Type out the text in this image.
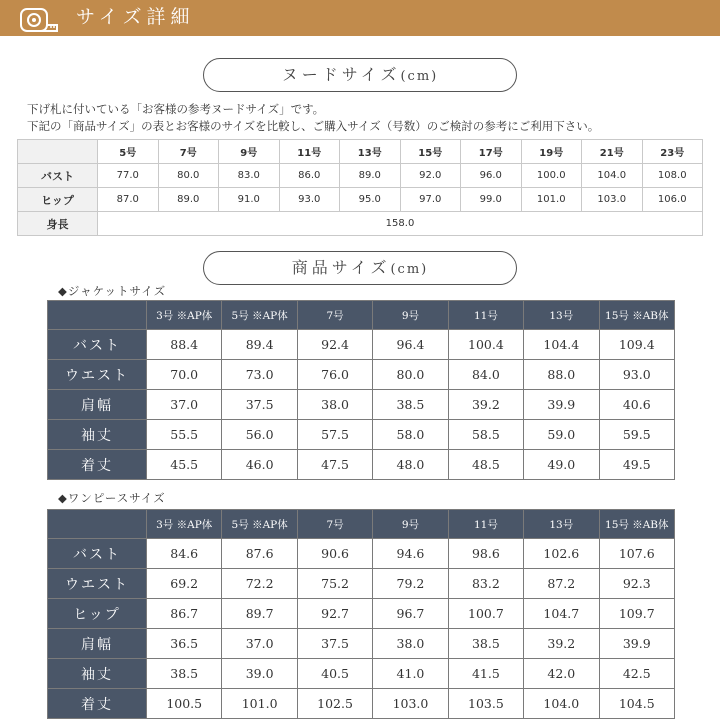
サイズ詳細
ヌードサイズ(cm)
下げ札に付いている「お客様の参考ヌードサイズ」です。
下記の「商品サイズ」の表とお客様のサイズを比較し、ご購入サイズ（号数）のご検討の参考にご利用下さい。
	5号	7号	9号	11号	13号	15号	17号	19号	21号	23号
バスト	77.0	80.0	83.0	86.0	89.0	92.0	96.0	100.0	104.0	108.0
ヒップ	87.0	89.0	91.0	93.0	95.0	97.0	99.0	101.0	103.0	106.0
身長	158.0									
商品サイズ(cm)
◆ジャケットサイズ
	3号 ※AP体	5号 ※AP体	7号	9号	11号	13号	15号 ※AB体
バスト	88.4	89.4	92.4	96.4	100.4	104.4	109.4
ウエスト	70.0	73.0	76.0	80.0	84.0	88.0	93.0
肩幅	37.0	37.5	38.0	38.5	39.2	39.9	40.6
袖丈	55.5	56.0	57.5	58.0	58.5	59.0	59.5
着丈	45.5	46.0	47.5	48.0	48.5	49.0	49.5
◆ワンピースサイズ
	3号 ※AP体	5号 ※AP体	7号	9号	11号	13号	15号 ※AB体
バスト	84.6	87.6	90.6	94.6	98.6	102.6	107.6
ウエスト	69.2	72.2	75.2	79.2	83.2	87.2	92.3
ヒップ	86.7	89.7	92.7	96.7	100.7	104.7	109.7
肩幅	36.5	37.0	37.5	38.0	38.5	39.2	39.9
袖丈	38.5	39.0	40.5	41.0	41.5	42.0	42.5
着丈	100.5	101.0	102.5	103.0	103.5	104.0	104.5
